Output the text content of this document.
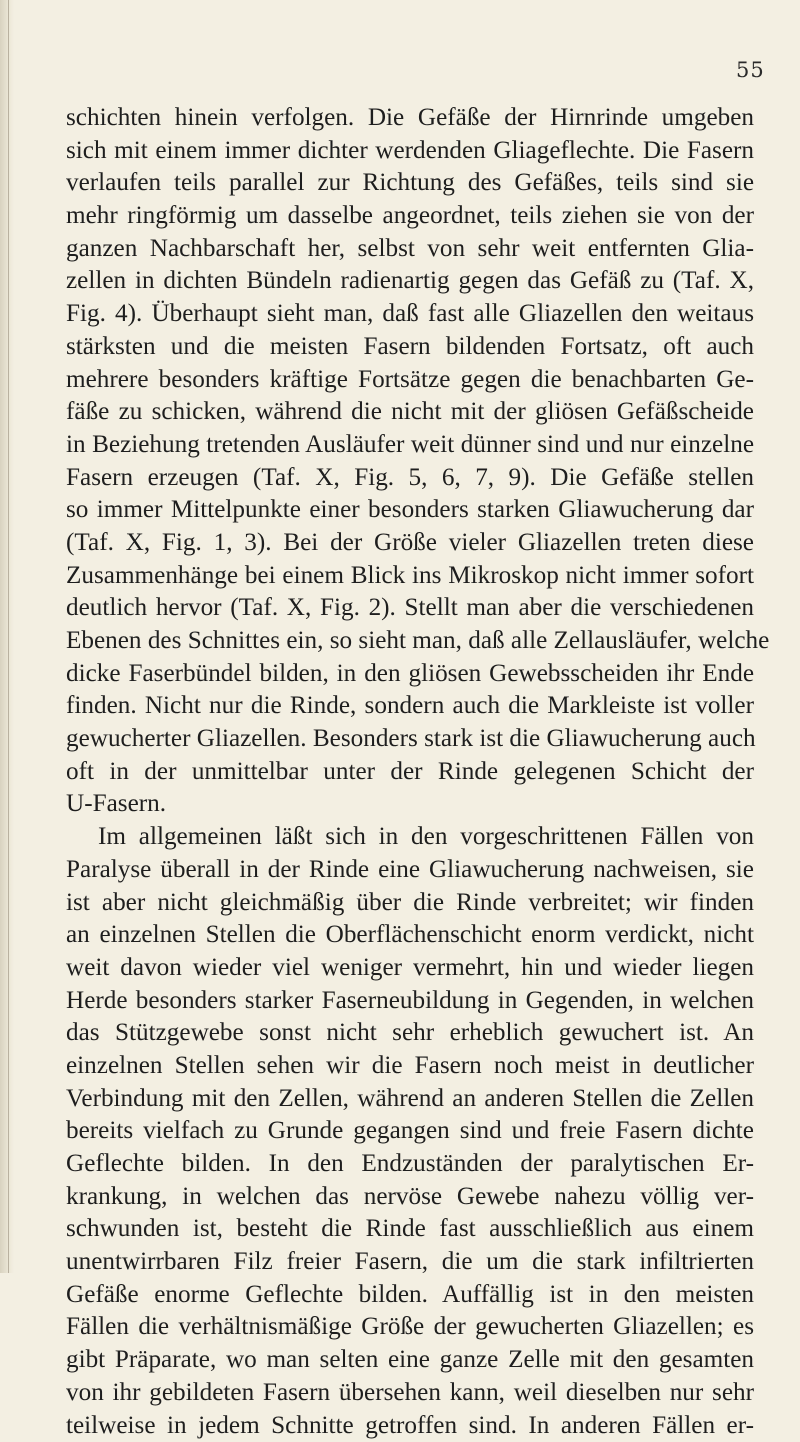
55
schichten hinein verfolgen. Die Gefäße der Hirnrinde umgeben
sich mit einem immer dichter werdenden Gliageflechte. Die Fasern
verlaufen teils parallel zur Richtung des Gefäßes, teils sind sie
mehr ringförmig um dasselbe angeordnet, teils ziehen sie von der
ganzen Nachbarschaft her, selbst von sehr weit entfernten Glia-
zellen in dichten Bündeln radienartig gegen das Gefäß zu (Taf. X,
Fig. 4). Überhaupt sieht man, daß fast alle Gliazellen den weitaus
stärksten und die meisten Fasern bildenden Fortsatz, oft auch
mehrere besonders kräftige Fortsätze gegen die benachbarten Ge-
fäße zu schicken, während die nicht mit der gliösen Gefäßscheide
in Beziehung tretenden Ausläufer weit dünner sind und nur einzelne
Fasern erzeugen (Taf. X, Fig. 5, 6, 7, 9). Die Gefäße stellen
so immer Mittelpunkte einer besonders starken Gliawucherung dar
(Taf. X, Fig. 1, 3). Bei der Größe vieler Gliazellen treten diese
Zusammenhänge bei einem Blick ins Mikroskop nicht immer sofort
deutlich hervor (Taf. X, Fig. 2). Stellt man aber die verschiedenen
Ebenen des Schnittes ein, so sieht man, daß alle Zellausläufer, welche
dicke Faserbündel bilden, in den gliösen Gewebsscheiden ihr Ende
finden. Nicht nur die Rinde, sondern auch die Markleiste ist voller
gewucherter Gliazellen. Besonders stark ist die Gliawucherung auch
oft in der unmittelbar unter der Rinde gelegenen Schicht der
U-Fasern.
Im allgemeinen läßt sich in den vorgeschrittenen Fällen von
Paralyse überall in der Rinde eine Gliawucherung nachweisen, sie
ist aber nicht gleichmäßig über die Rinde verbreitet; wir finden
an einzelnen Stellen die Oberflächenschicht enorm verdickt, nicht
weit davon wieder viel weniger vermehrt, hin und wieder liegen
Herde besonders starker Faserneubildung in Gegenden, in welchen
das Stützgewebe sonst nicht sehr erheblich gewuchert ist. An
einzelnen Stellen sehen wir die Fasern noch meist in deutlicher
Verbindung mit den Zellen, während an anderen Stellen die Zellen
bereits vielfach zu Grunde gegangen sind und freie Fasern dichte
Geflechte bilden. In den Endzuständen der paralytischen Er-
krankung, in welchen das nervöse Gewebe nahezu völlig ver-
schwunden ist, besteht die Rinde fast ausschließlich aus einem
unentwirrbaren Filz freier Fasern, die um die stark infiltrierten
Gefäße enorme Geflechte bilden. Auffällig ist in den meisten
Fällen die verhältnismäßige Größe der gewucherten Gliazellen; es
gibt Präparate, wo man selten eine ganze Zelle mit den gesamten
von ihr gebildeten Fasern übersehen kann, weil dieselben nur sehr
teilweise in jedem Schnitte getroffen sind. In anderen Fällen er-
